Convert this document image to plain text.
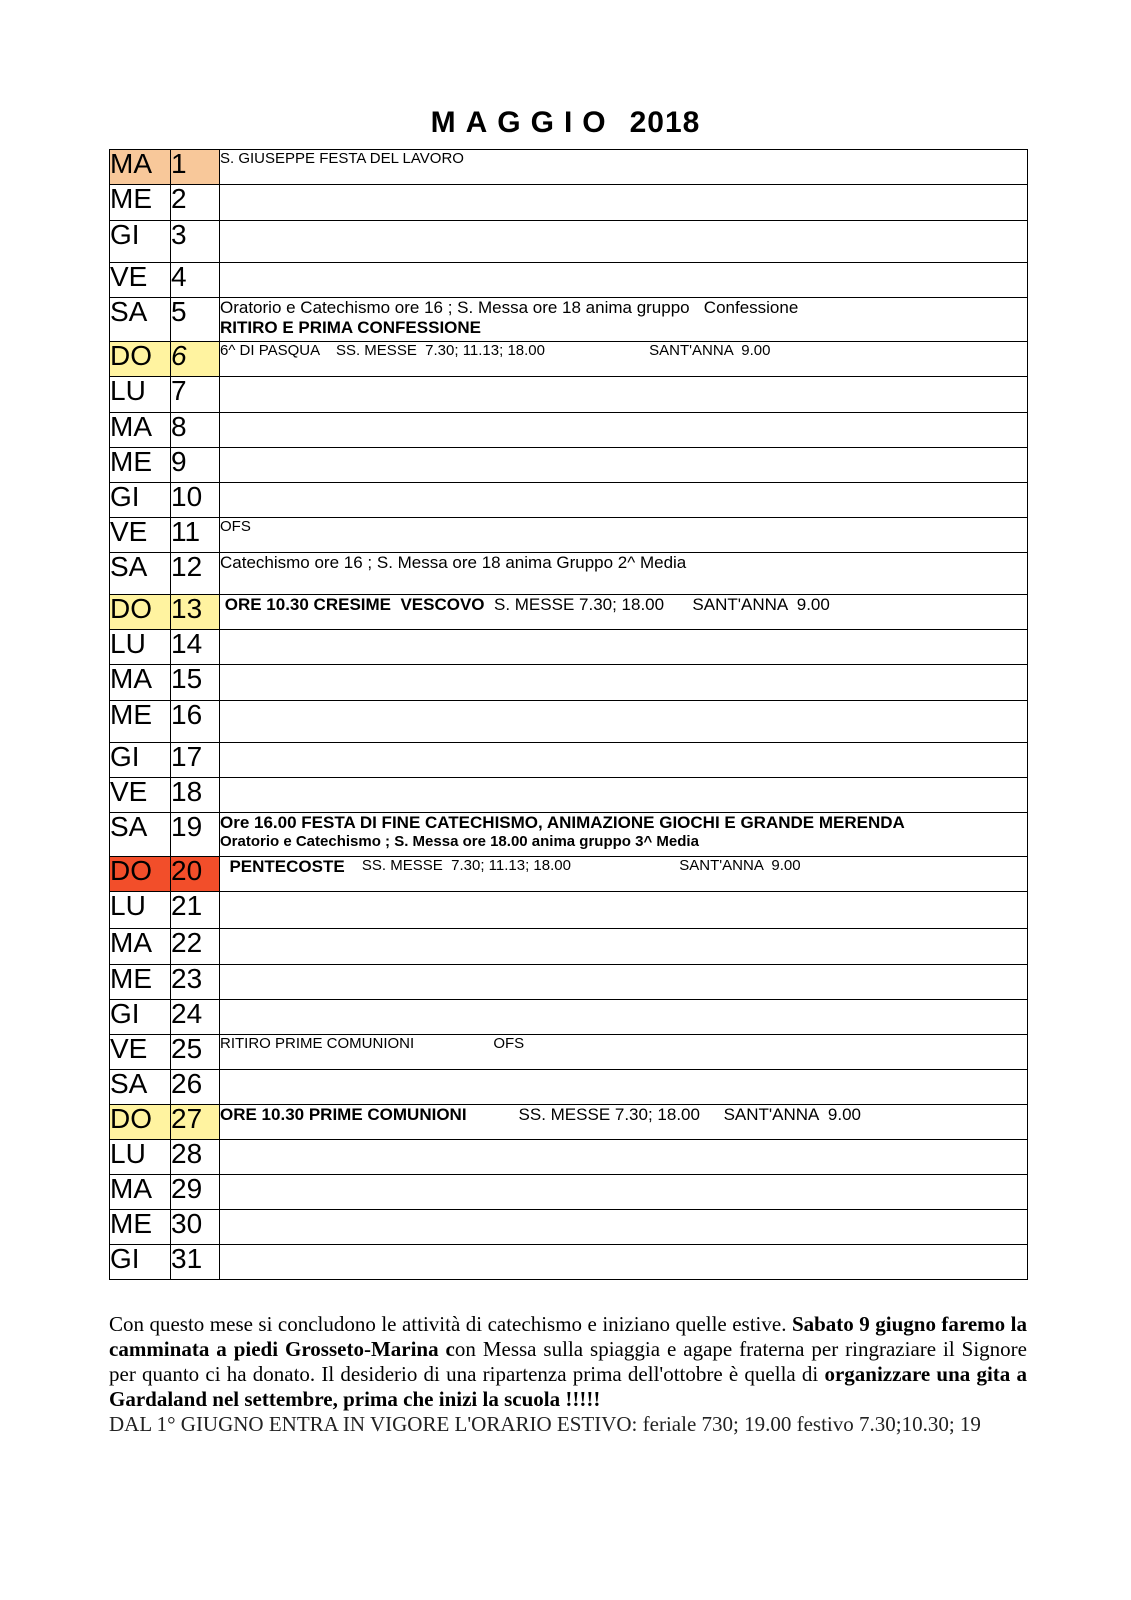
MAGGIO 2018
MA	1	S. GIUSEPPE FESTA DEL LAVORO

ME	2	
GI	3	
VE	4	
SA	5	Oratorio e Catechismo ore 16 ; S. Messa ore 18 anima gruppo   Confessione
RITIRO E PRIMA CONFESSIONE

DO	6	6^ DI PASQUA    SS. MESSE  7.30; 11.13; 18.00                         SANT'ANNA  9.00

LU	7	
MA	8	
ME	9	
GI	10	
VE	11	OFS

SA	12	Catechismo ore 16 ; S. Messa ore 18 anima Gruppo 2^ Media

DO	13	ORE 10.30 CRESIME  VESCOVO S. MESSE 7.30; 18.00      SANT'ANNA  9.00

LU	14	
MA	15	
ME	16	
GI	17	
VE	18	
SA	19	Ore 16.00 FESTA DI FINE CATECHISMO, ANIMAZIONE GIOCHI E GRANDE MERENDA
Oratorio e Catechismo ; S. Messa ore 18.00 anima gruppo 3^ Media

DO	20	PENTECOSTE SS. MESSE  7.30; 11.13; 18.00                          SANT'ANNA  9.00

LU	21	
MA	22	
ME	23	
GI	24	
VE	25	RITIRO PRIME COMUNIONI                   OFS

SA	26	
DO	27	ORE 10.30 PRIME COMUNIONI SS. MESSE 7.30; 18.00     SANT'ANNA  9.00

LU	28	
MA	29	
ME	30	
GI	31	

Con questo mese si concludono le attività di catechismo e iniziano quelle estive. Sabato 9 giugno faremo la camminata a piedi Grosseto-Marina con Messa sulla spiaggia e agape fraterna per ringraziare il Signore per quanto ci ha donato. Il desiderio di una ripartenza prima dell'ottobre è quella di organizzare una gita a Gardaland nel settembre, prima che inizi la scuola !!!!!

DAL 1° GIUGNO ENTRA IN VIGORE L'ORARIO ESTIVO: feriale 730; 19.00 festivo 7.30;10.30; 19
